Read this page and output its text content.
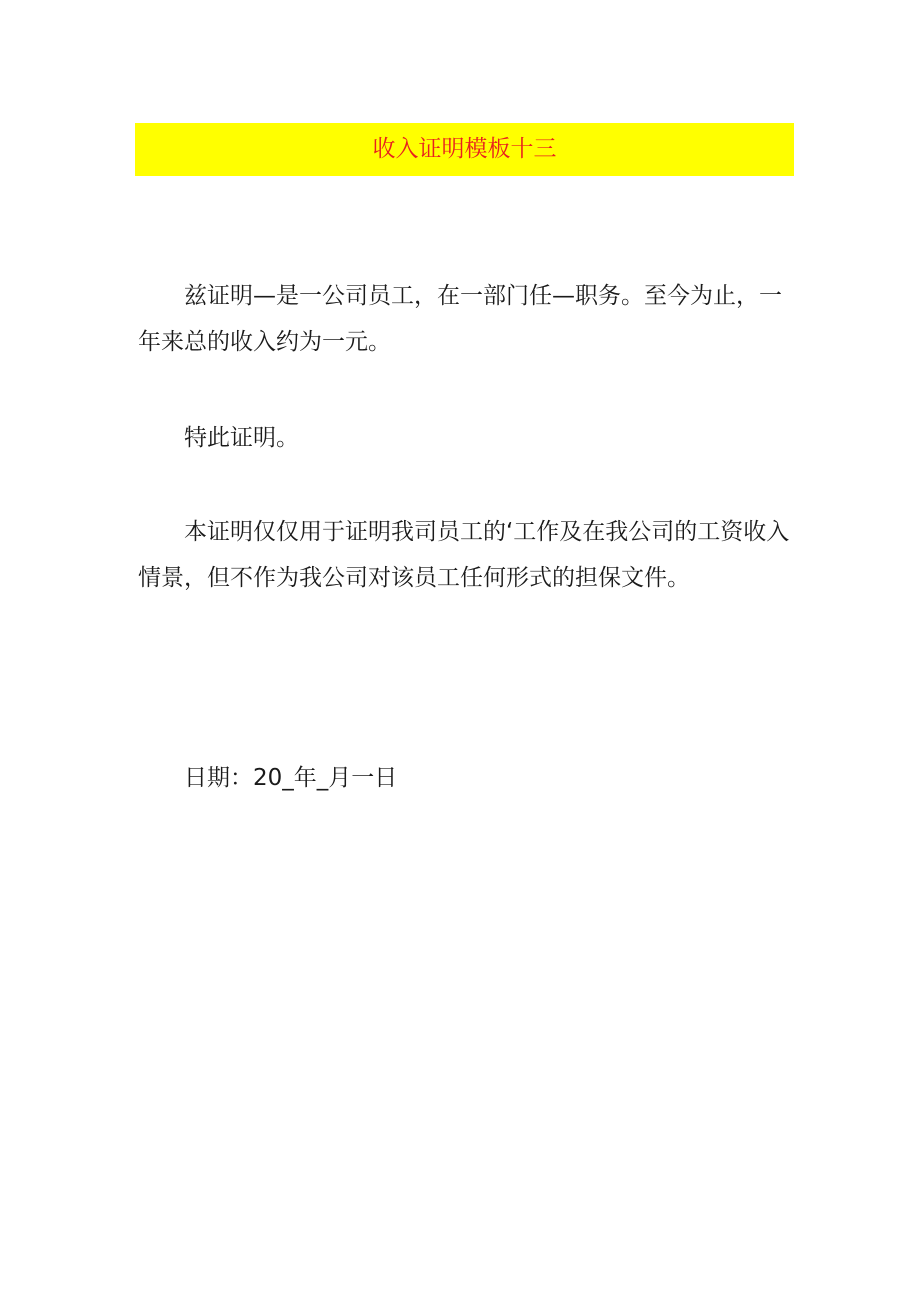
收入证明模板十三

兹证明—是一公司员工，在一部门任—职务。至今为止，一年来总的收入约为一元。

特此证明。

本证明仅仅用于证明我司员工的‘工作及在我公司的工资收入情景，但不作为我公司对该员工任何形式的担保文件。

日期：20_年_月一日
